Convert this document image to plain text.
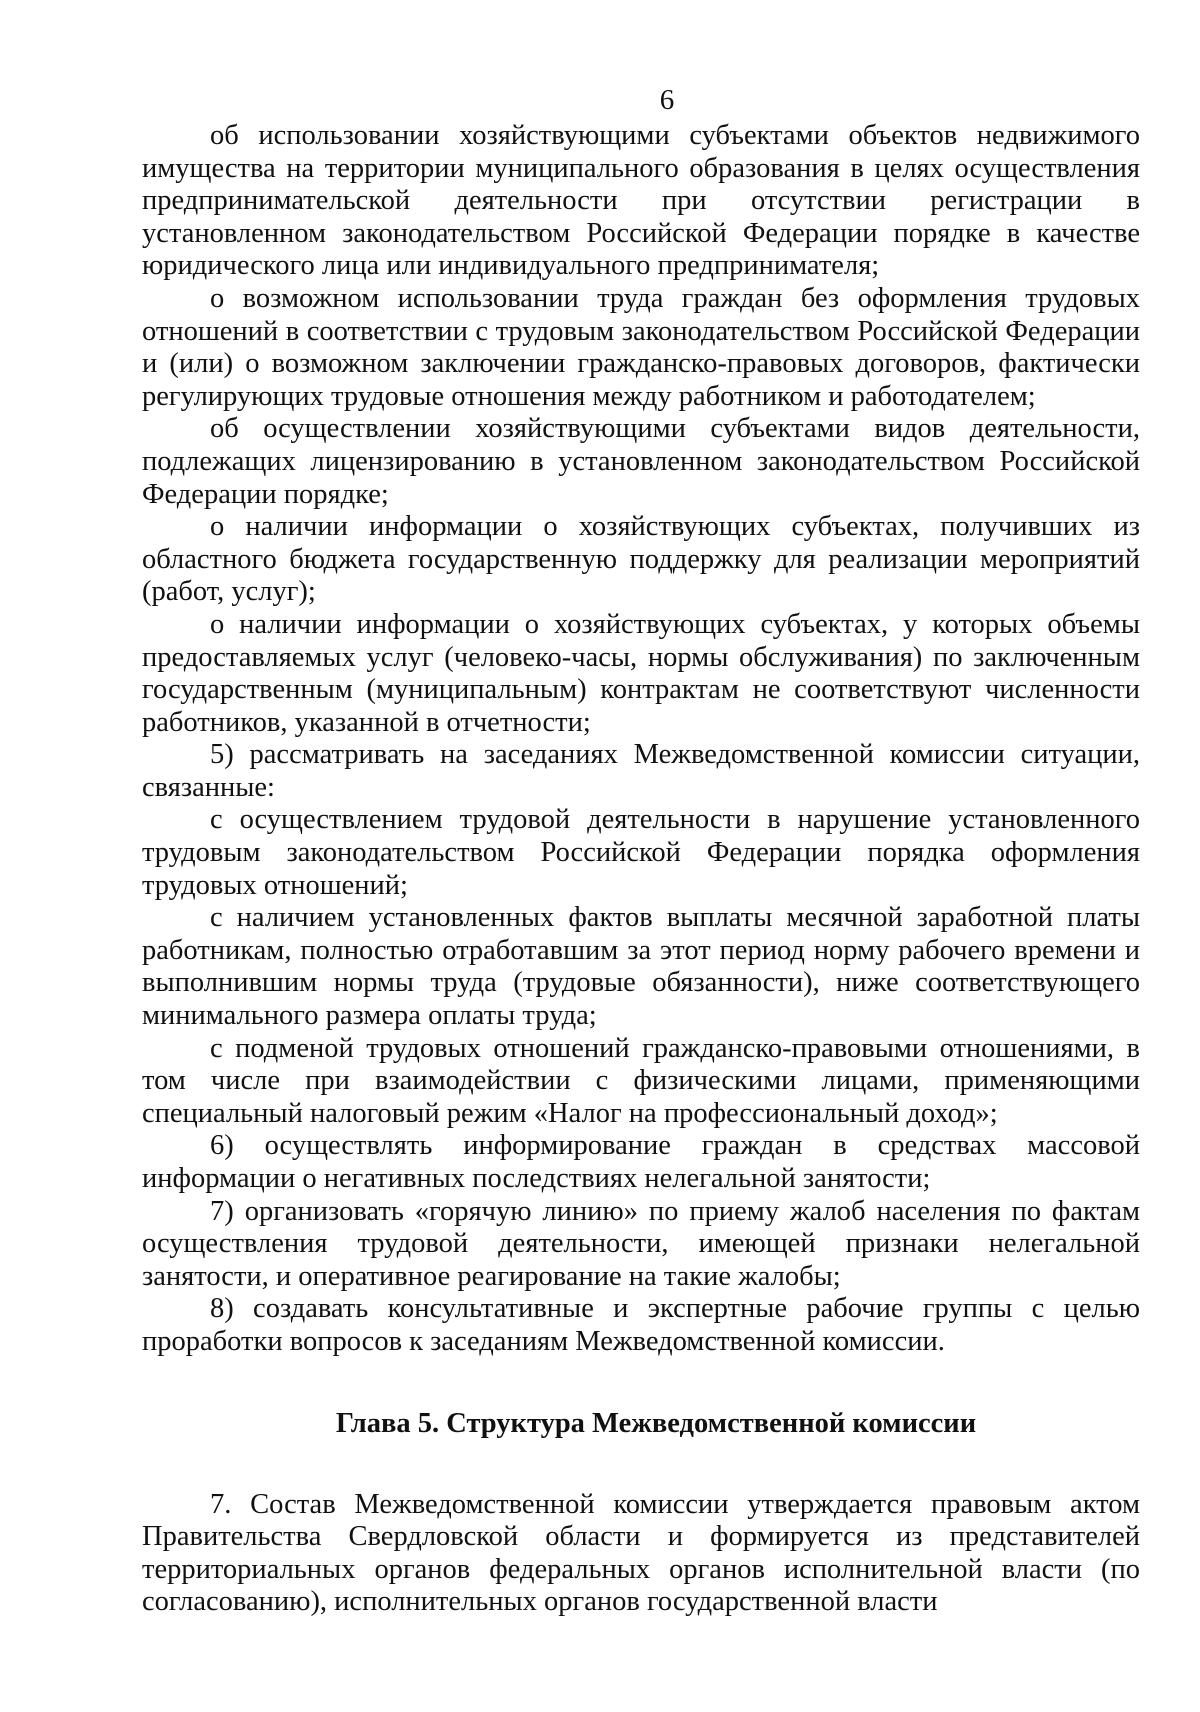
6

об использовании хозяйствующими субъектами объектов недвижимого имущества на территории муниципального образования в целях осуществления предпринимательской деятельности при отсутствии регистрации в установленном законодательством Российской Федерации порядке в качестве юридического лица или индивидуального предпринимателя;

о возможном использовании труда граждан без оформления трудовых отношений в соответствии с трудовым законодательством Российской Федерации и (или) о возможном заключении гражданско-правовых договоров, фактически регулирующих трудовые отношения между работником и работодателем;

об осуществлении хозяйствующими субъектами видов деятельности, подлежащих лицензированию в установленном законодательством Российской Федерации порядке;

о наличии информации о хозяйствующих субъектах, получивших из областного бюджета государственную поддержку для реализации мероприятий (работ, услуг);

о наличии информации о хозяйствующих субъектах, у которых объемы предоставляемых услуг (человеко-часы, нормы обслуживания) по заключенным государственным (муниципальным) контрактам не соответствуют численности работников, указанной в отчетности;

5) рассматривать на заседаниях Межведомственной комиссии ситуации, связанные:

с осуществлением трудовой деятельности в нарушение установленного трудовым законодательством Российской Федерации порядка оформления трудовых отношений;

с наличием установленных фактов выплаты месячной заработной платы работникам, полностью отработавшим за этот период норму рабочего времени и выполнившим нормы труда (трудовые обязанности), ниже соответствующего минимального размера оплаты труда;

с подменой трудовых отношений гражданско-правовыми отношениями, в том числе при взаимодействии с физическими лицами, применяющими специальный налоговый режим «Налог на профессиональный доход»;

6) осуществлять информирование граждан в средствах массовой информации о негативных последствиях нелегальной занятости;

7) организовать «горячую линию» по приему жалоб населения по фактам осуществления трудовой деятельности, имеющей признаки нелегальной занятости, и оперативное реагирование на такие жалобы;

8) создавать консультативные и экспертные рабочие группы с целью проработки вопросов к заседаниям Межведомственной комиссии.

Глава 5. Структура Межведомственной комиссии

7. Состав Межведомственной комиссии утверждается правовым актом Правительства Свердловской области и формируется из представителей территориальных органов федеральных органов исполнительной власти (по согласованию), исполнительных органов государственной власти
